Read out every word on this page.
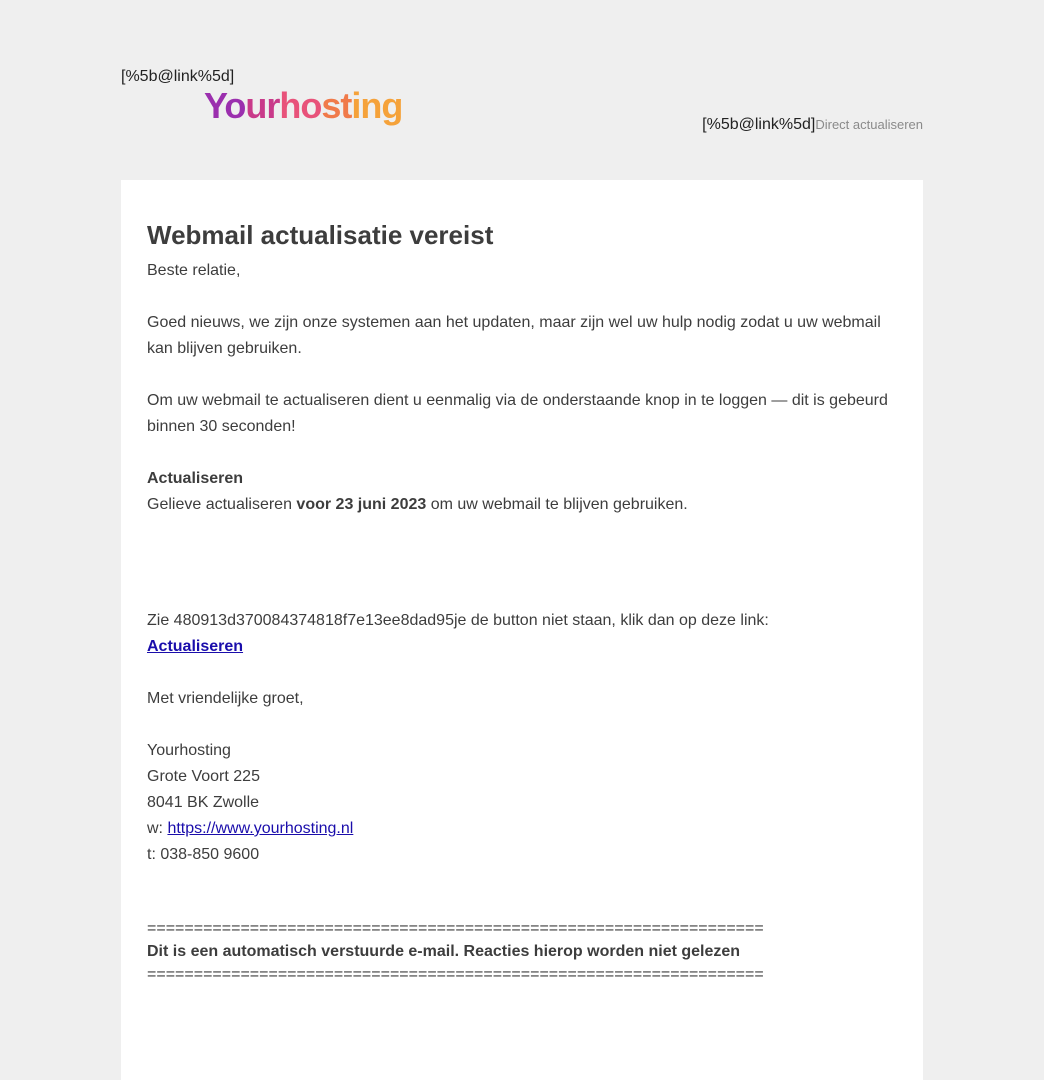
[%5b@link%5d]
Yourhosting	[%5b@link%5d]Direct actualiseren
Webmail actualisatie vereist

Beste relatie,

Goed nieuws, we zijn onze systemen aan het updaten, maar zijn wel uw hulp nodig zodat u uw webmail kan blijven gebruiken.

Om uw webmail te actualiseren dient u eenmalig via de onderstaande knop in te loggen — dit is gebeurd binnen 30 seconden!

Actualiseren

Gelieve actualiseren voor 23 juni 2023 om uw webmail te blijven gebruiken.

Zie 480913d370084374818f7e13ee8dad95je de button niet staan, klik dan op deze link:

Actualiseren

Met vriendelijke groet,

Yourhosting

Grote Voort 225

8041 BK Zwolle

w: https://www.yourhosting.nl

t: 038-850 9600

==================================================================

Dit is een automatisch verstuurde e-mail. Reacties hierop worden niet gelezen

==================================================================
